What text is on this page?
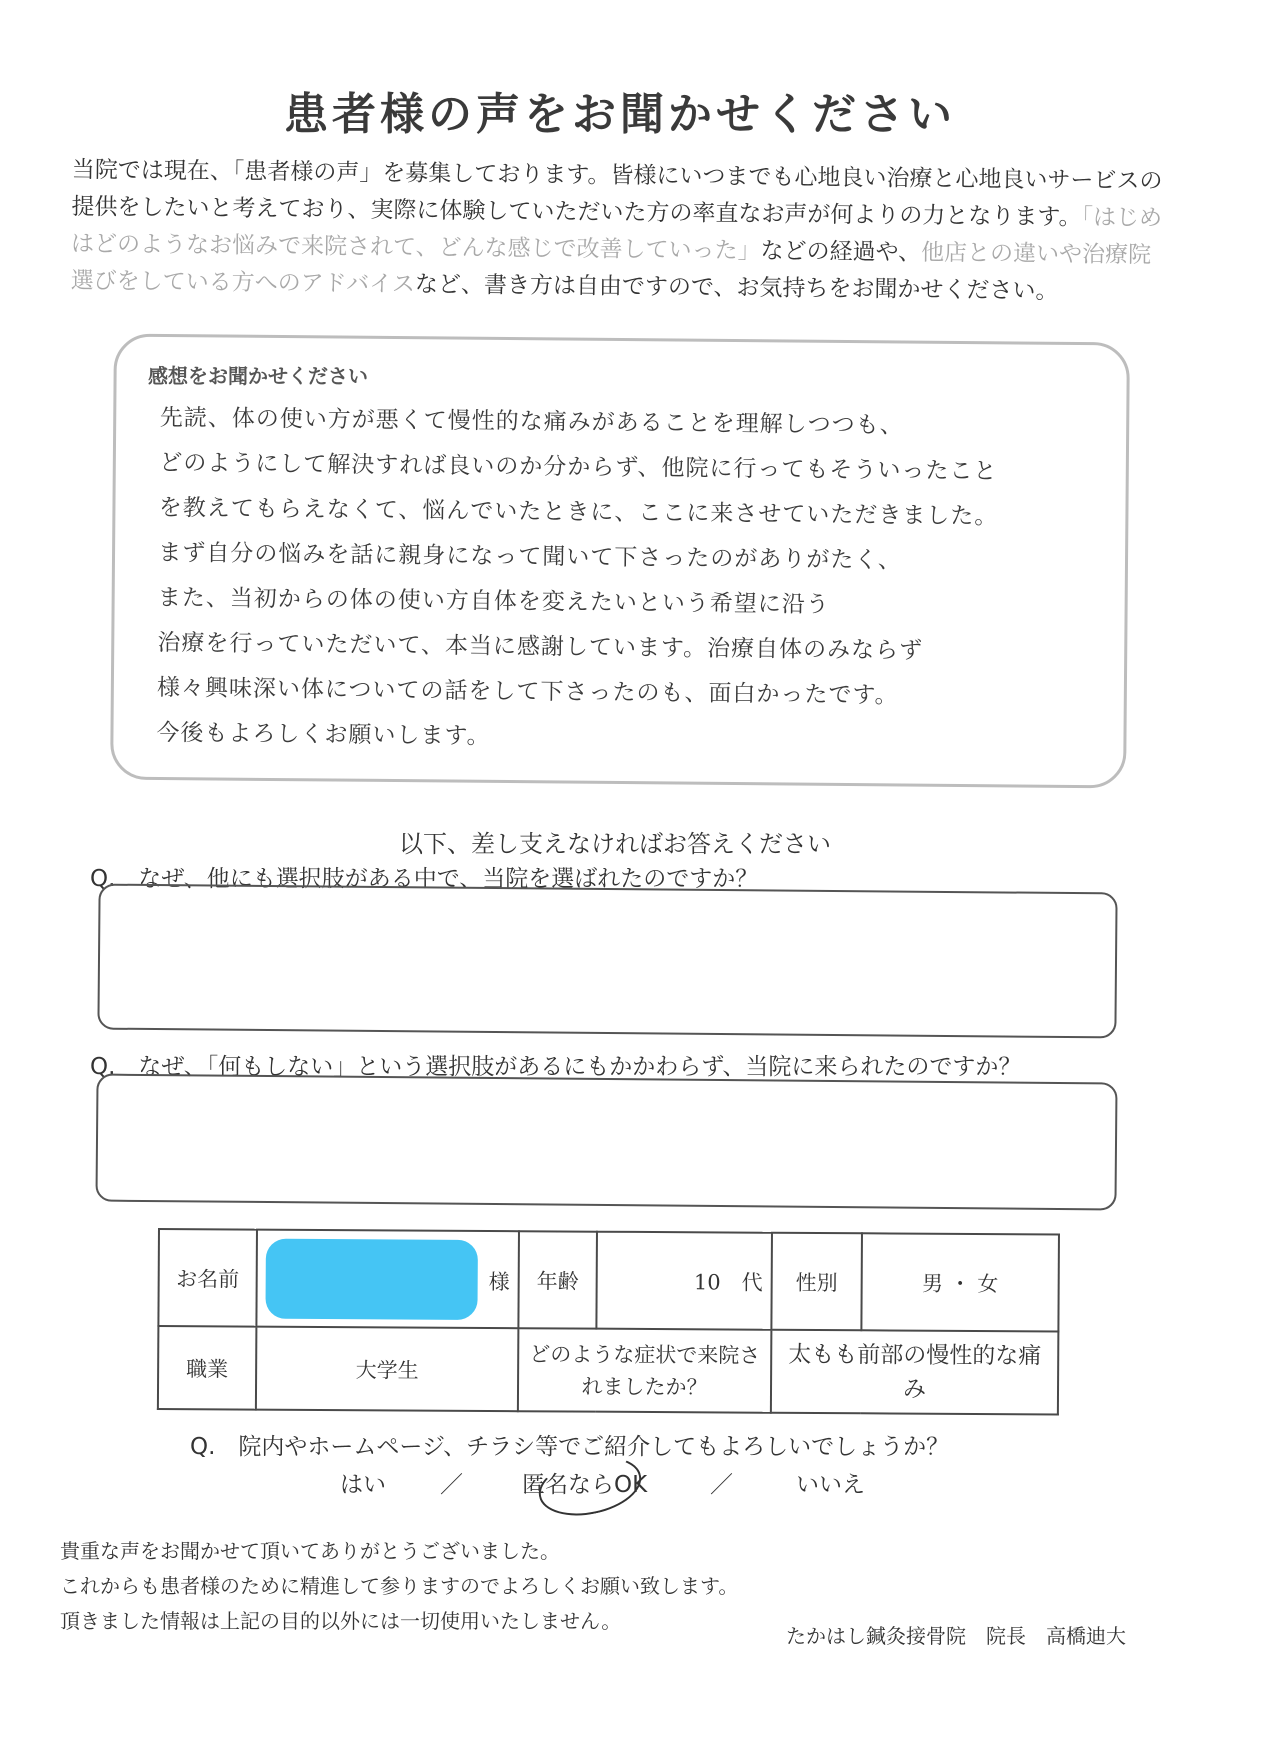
患者様の声をお聞かせください
当院では現在、「患者様の声」を募集しております。皆様にいつまでも心地良い治療と心地良いサービスの提供をしたいと考えており、実際に体験していただいた方の率直なお声が何よりの力となります。「はじめはどのようなお悩みで来院されて、どんな感じで改善していった」などの経過や、他店との違いや治療院選びをしている方へのアドバイスなど、書き方は自由ですので、お気持ちをお聞かせください。
感想をお聞かせください
先読、体の使い方が悪くて慢性的な痛みがあることを理解しつつも、
どのようにして解決すれば良いのか分からず、他院に行ってもそういったこと
を教えてもらえなくて、悩んでいたときに、ここに来させていただきました。
まず自分の悩みを話に親身になって聞いて下さったのがありがたく、
また、当初からの体の使い方自体を変えたいという希望に沿う
治療を行っていただいて、本当に感謝しています。治療自体のみならず
様々興味深い体についての話をして下さったのも、面白かったです。
今後もよろしくお願いします。
以下、差し支えなければお答えください
Q.　なぜ、他にも選択肢がある中で、当院を選ばれたのですか？
Q.　なぜ、「何もしない」という選択肢があるにもかかわらず、当院に来られたのですか？
お名前	様	年齢	10　代	性別	男 ・ 女
職業	大学生	どのような症状で来院されましたか？		太もも前部の慢性的な痛み	
Q.　院内やホームページ、チラシ等でご紹介してもよろしいでしょうか？
はい ／	匿名ならOK	／	いいえ
貴重な声をお聞かせて頂いてありがとうございました。
これからも患者様のために精進して参りますのでよろしくお願い致します。
頂きました情報は上記の目的以外には一切使用いたしません。
たかはし鍼灸接骨院　院長　高橋迪大
